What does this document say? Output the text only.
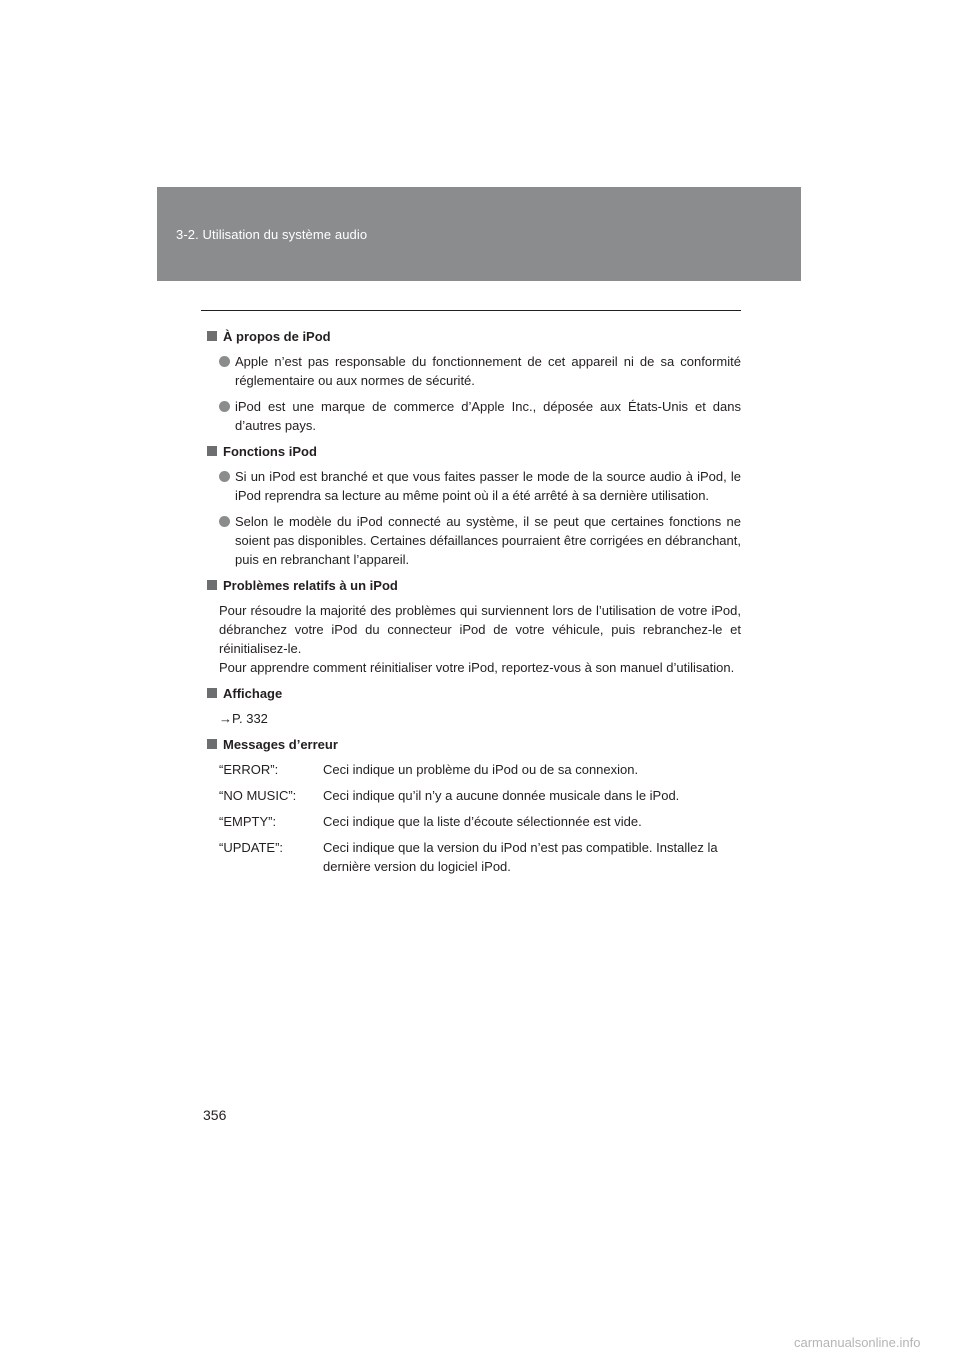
3-2. Utilisation du système audio
À propos de iPod
Apple n’est pas responsable du fonctionnement de cet appareil ni de sa conformité réglementaire ou aux normes de sécurité.
iPod est une marque de commerce d’Apple Inc., déposée aux États-Unis et dans d’autres pays.
Fonctions iPod
Si un iPod est branché et que vous faites passer le mode de la source audio à iPod, le iPod reprendra sa lecture au même point où il a été arrêté à sa dernière utilisation.
Selon le modèle du iPod connecté au système, il se peut que certaines fonctions ne soient pas disponibles. Certaines défaillances pourraient être corrigées en débranchant, puis en rebranchant l’appareil.
Problèmes relatifs à un iPod
Pour résoudre la majorité des problèmes qui surviennent lors de l’utilisation de votre iPod, débranchez votre iPod du connecteur iPod de votre véhicule, puis rebranchez-le et réinitialisez-le.
Pour apprendre comment réinitialiser votre iPod, reportez-vous à son manuel d’utilisation.
Affichage
→P. 332
Messages d’erreur
“ERROR”:	Ceci indique un problème du iPod ou de sa connexion.
“NO MUSIC”:	Ceci indique qu’il n’y a aucune donnée musicale dans le iPod.
“EMPTY”:	Ceci indique que la liste d’écoute sélectionnée est vide.
“UPDATE”:	Ceci indique que la version du iPod n’est pas compatible. Installez la dernière version du logiciel iPod.
356
carmanualsonline.info
